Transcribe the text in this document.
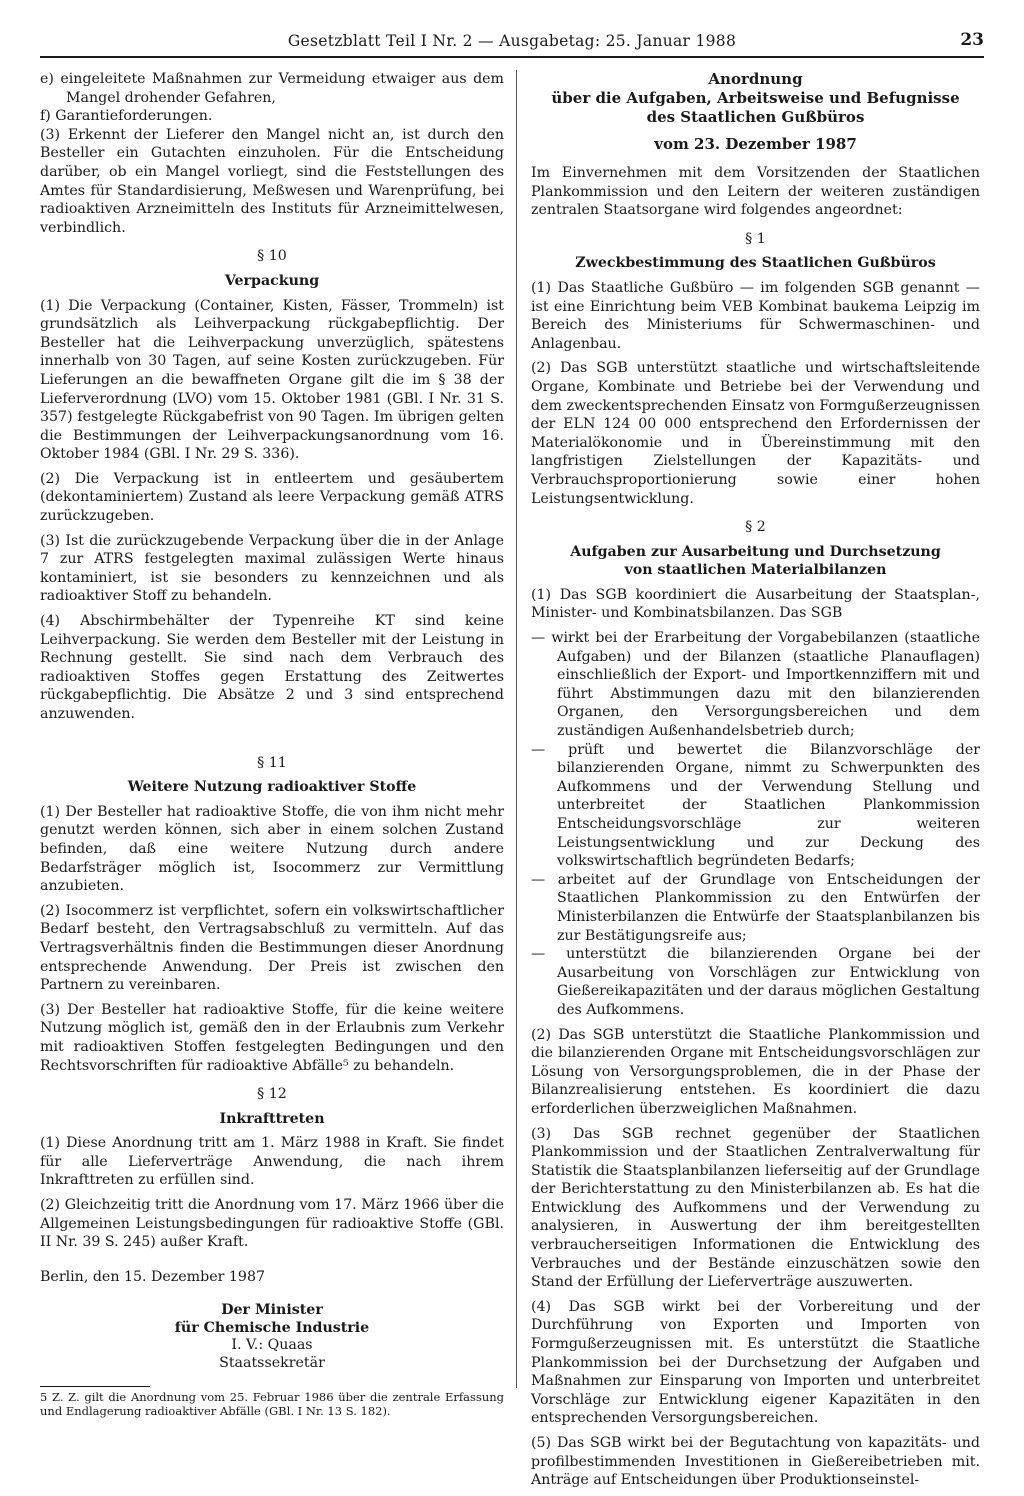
Gesetzblatt Teil I Nr. 2 — Ausgabetag: 25. Januar 1988	23

e) eingeleitete Maßnahmen zur Vermeidung etwaiger aus dem Mangel drohender Gefahren,

f) Garantieforderungen.

(3) Erkennt der Lieferer den Mangel nicht an, ist durch den Besteller ein Gutachten einzuholen. Für die Entscheidung darüber, ob ein Mangel vorliegt, sind die Feststellungen des Amtes für Standardisierung, Meßwesen und Warenprüfung, bei radioaktiven Arzneimitteln des Instituts für Arzneimittelwesen, verbindlich.

§ 10
Verpackung

(1) Die Verpackung (Container, Kisten, Fässer, Trommeln) ist grundsätzlich als Leihverpackung rückgabepflichtig. Der Besteller hat die Leihverpackung unverzüglich, spätestens innerhalb von 30 Tagen, auf seine Kosten zurückzugeben. Für Lieferungen an die bewaffneten Organe gilt die im § 38 der Lieferverordnung (LVO) vom 15. Oktober 1981 (GBl. I Nr. 31 S. 357) festgelegte Rückgabefrist von 90 Tagen. Im übrigen gelten die Bestimmungen der Leihverpackungsanordnung vom 16. Oktober 1984 (GBl. I Nr. 29 S. 336).

(2) Die Verpackung ist in entleertem und gesäubertem (dekontaminiertem) Zustand als leere Verpackung gemäß ATRS zurückzugeben.

(3) Ist die zurückzugebende Verpackung über die in der Anlage 7 zur ATRS festgelegten maximal zulässigen Werte hinaus kontaminiert, ist sie besonders zu kennzeichnen und als radioaktiver Stoff zu behandeln.

(4) Abschirmbehälter der Typenreihe KT sind keine Leihverpackung. Sie werden dem Besteller mit der Leistung in Rechnung gestellt. Sie sind nach dem Verbrauch des radioaktiven Stoffes gegen Erstattung des Zeitwertes rückgabepflichtig. Die Absätze 2 und 3 sind entsprechend anzuwenden.

§ 11
Weitere Nutzung radioaktiver Stoffe

(1) Der Besteller hat radioaktive Stoffe, die von ihm nicht mehr genutzt werden können, sich aber in einem solchen Zustand befinden, daß eine weitere Nutzung durch andere Bedarfsträger möglich ist, Isocommerz zur Vermittlung anzubieten.

(2) Isocommerz ist verpflichtet, sofern ein volkswirtschaftlicher Bedarf besteht, den Vertragsabschluß zu vermitteln. Auf das Vertragsverhältnis finden die Bestimmungen dieser Anordnung entsprechende Anwendung. Der Preis ist zwischen den Partnern zu vereinbaren.

(3) Der Besteller hat radioaktive Stoffe, für die keine weitere Nutzung möglich ist, gemäß den in der Erlaubnis zum Verkehr mit radioaktiven Stoffen festgelegten Bedingungen und den Rechtsvorschriften für radioaktive Abfälle⁵ zu behandeln.

§ 12
Inkrafttreten

(1) Diese Anordnung tritt am 1. März 1988 in Kraft. Sie findet für alle Lieferverträge Anwendung, die nach ihrem Inkrafttreten zu erfüllen sind.

(2) Gleichzeitig tritt die Anordnung vom 17. März 1966 über die Allgemeinen Leistungsbedingungen für radioaktive Stoffe (GBl. II Nr. 39 S. 245) außer Kraft.

Berlin, den 15. Dezember 1987
Der Minister
für Chemische Industrie
I. V.: Quaas
Staatssekretär
5 Z. Z. gilt die Anordnung vom 25. Februar 1986 über die zentrale Erfassung und Endlagerung radioaktiver Abfälle (GBl. I Nr. 13 S. 182).
Anordnung
über die Aufgaben, Arbeitsweise und Befugnisse
des Staatlichen Gußbüros
vom 23. Dezember 1987

Im Einvernehmen mit dem Vorsitzenden der Staatlichen Plankommission und den Leitern der weiteren zuständigen zentralen Staatsorgane wird folgendes angeordnet:

§ 1
Zweckbestimmung des Staatlichen Gußbüros

(1) Das Staatliche Gußbüro — im folgenden SGB genannt — ist eine Einrichtung beim VEB Kombinat baukema Leipzig im Bereich des Ministeriums für Schwermaschinen- und Anlagenbau.

(2) Das SGB unterstützt staatliche und wirtschaftsleitende Organe, Kombinate und Betriebe bei der Verwendung und dem zweckentsprechenden Einsatz von Formgußerzeugnissen der ELN 124 00 000 entsprechend den Erfordernissen der Materialökonomie und in Übereinstimmung mit den langfristigen Zielstellungen der Kapazitäts- und Verbrauchsproportionierung sowie einer hohen Leistungsentwicklung.

§ 2
Aufgaben zur Ausarbeitung und Durchsetzung
von staatlichen Materialbilanzen

(1) Das SGB koordiniert die Ausarbeitung der Staatsplan-, Minister- und Kombinatsbilanzen. Das SGB

— wirkt bei der Erarbeitung der Vorgabebilanzen (staatliche Aufgaben) und der Bilanzen (staatliche Planauflagen) einschließlich der Export- und Importkennziffern mit und führt Abstimmungen dazu mit den bilanzierenden Organen, den Versorgungsbereichen und dem zuständigen Außenhandelsbetrieb durch;

— prüft und bewertet die Bilanzvorschläge der bilanzierenden Organe, nimmt zu Schwerpunkten des Aufkommens und der Verwendung Stellung und unterbreitet der Staatlichen Plankommission Entscheidungsvorschläge zur weiteren Leistungsentwicklung und zur Deckung des volkswirtschaftlich begründeten Bedarfs;

— arbeitet auf der Grundlage von Entscheidungen der Staatlichen Plankommission zu den Entwürfen der Ministerbilanzen die Entwürfe der Staatsplanbilanzen bis zur Bestätigungsreife aus;

— unterstützt die bilanzierenden Organe bei der Ausarbeitung von Vorschlägen zur Entwicklung von Gießereikapazitäten und der daraus möglichen Gestaltung des Aufkommens.

(2) Das SGB unterstützt die Staatliche Plankommission und die bilanzierenden Organe mit Entscheidungsvorschlägen zur Lösung von Versorgungsproblemen, die in der Phase der Bilanzrealisierung entstehen. Es koordiniert die dazu erforderlichen überzweiglichen Maßnahmen.

(3) Das SGB rechnet gegenüber der Staatlichen Plankommission und der Staatlichen Zentralverwaltung für Statistik die Staatsplanbilanzen lieferseitig auf der Grundlage der Berichterstattung zu den Ministerbilanzen ab. Es hat die Entwicklung des Aufkommens und der Verwendung zu analysieren, in Auswertung der ihm bereitgestellten verbraucherseitigen Informationen die Entwicklung des Verbrauches und der Bestände einzuschätzen sowie den Stand der Erfüllung der Lieferverträge auszuwerten.

(4) Das SGB wirkt bei der Vorbereitung und der Durchführung von Exporten und Importen von Formgußerzeugnissen mit. Es unterstützt die Staatliche Plankommission bei der Durchsetzung der Aufgaben und Maßnahmen zur Einsparung von Importen und unterbreitet Vorschläge zur Entwicklung eigener Kapazitäten in den entsprechenden Versorgungsbereichen.

(5) Das SGB wirkt bei der Begutachtung von kapazitäts- und profilbestimmenden Investitionen in Gießereibetrieben mit. Anträge auf Entscheidungen über Produktionseinstel-
